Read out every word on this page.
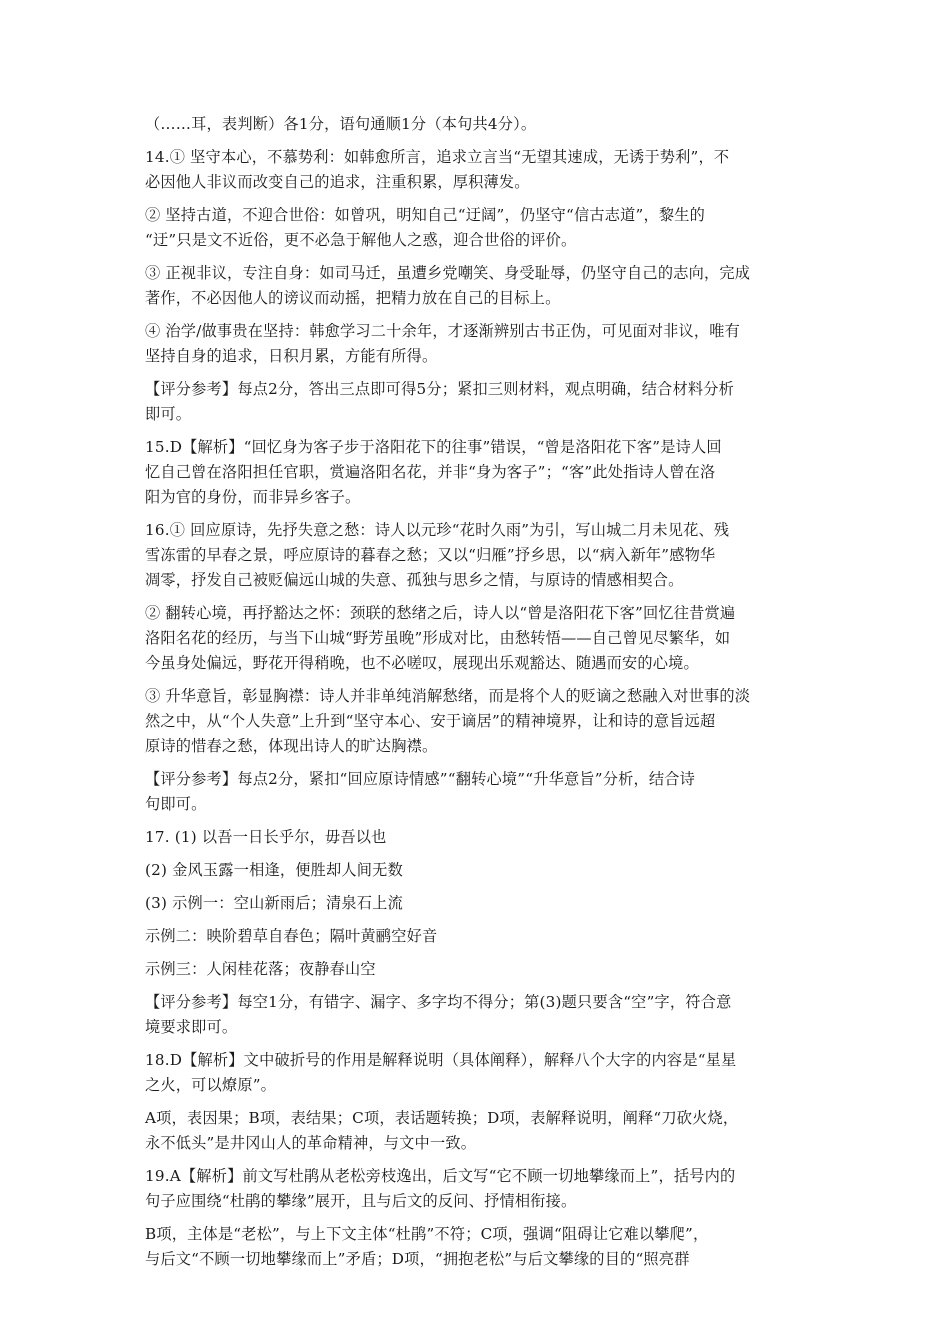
（……耳，表判断）各1分，语句通顺1分（本句共4分）。

14.① 坚守本心，不慕势利：如韩愈所言，追求立言当“无望其速成，无诱于势利”，不
必因他人非议而改变自己的追求，注重积累，厚积薄发。

② 坚持古道，不迎合世俗：如曾巩，明知自己“迂阔”，仍坚守“信古志道”，黎生的
“迂”只是文不近俗，更不必急于解他人之惑，迎合世俗的评价。

③ 正视非议，专注自身：如司马迁，虽遭乡党嘲笑、身受耻辱，仍坚守自己的志向，完成
著作，不必因他人的谤议而动摇，把精力放在自己的目标上。

④ 治学/做事贵在坚持：韩愈学习二十余年，才逐渐辨别古书正伪，可见面对非议，唯有
坚持自身的追求，日积月累，方能有所得。

【评分参考】每点2分，答出三点即可得5分；紧扣三则材料，观点明确，结合材料分析
即可。

15.D【解析】“回忆身为客子步于洛阳花下的往事”错误，“曾是洛阳花下客”是诗人回
忆自己曾在洛阳担任官职，赏遍洛阳名花，并非“身为客子”；“客”此处指诗人曾在洛
阳为官的身份，而非异乡客子。

16.① 回应原诗，先抒失意之愁：诗人以元珍“花时久雨”为引，写山城二月未见花、残
雪冻雷的早春之景，呼应原诗的暮春之愁；又以“归雁”抒乡思，以“病入新年”感物华
凋零，抒发自己被贬偏远山城的失意、孤独与思乡之情，与原诗的情感相契合。

② 翻转心境，再抒豁达之怀：颈联的愁绪之后，诗人以“曾是洛阳花下客”回忆往昔赏遍
洛阳名花的经历，与当下山城“野芳虽晚”形成对比，由愁转悟——自己曾见尽繁华，如
今虽身处偏远，野花开得稍晚，也不必嗟叹，展现出乐观豁达、随遇而安的心境。

③ 升华意旨，彰显胸襟：诗人并非单纯消解愁绪，而是将个人的贬谪之愁融入对世事的淡
然之中，从“个人失意”上升到“坚守本心、安于谪居”的精神境界，让和诗的意旨远超
原诗的惜春之愁，体现出诗人的旷达胸襟。

【评分参考】每点2分，紧扣“回应原诗情感”“翻转心境”“升华意旨”分析，结合诗
句即可。

17. (1) 以吾一日长乎尔，毋吾以也

(2) 金风玉露一相逢，便胜却人间无数

(3) 示例一：空山新雨后；清泉石上流

示例二：映阶碧草自春色；隔叶黄鹂空好音

示例三：人闲桂花落；夜静春山空

【评分参考】每空1分，有错字、漏字、多字均不得分；第(3)题只要含“空”字，符合意
境要求即可。

18.D【解析】文中破折号的作用是解释说明（具体阐释），解释八个大字的内容是“星星
之火，可以燎原”。

A项，表因果；B项，表结果；C项，表话题转换；D项，表解释说明，阐释“刀砍火烧，
永不低头”是井冈山人的革命精神，与文中一致。

19.A【解析】前文写杜鹃从老松旁枝逸出，后文写“它不顾一切地攀缘而上”，括号内的
句子应围绕“杜鹃的攀缘”展开，且与后文的反问、抒情相衔接。

B项，主体是“老松”，与上下文主体“杜鹃”不符；C项，强调“阻碍让它难以攀爬”，
与后文“不顾一切地攀缘而上”矛盾；D项，“拥抱老松”与后文攀缘的目的“照亮群
